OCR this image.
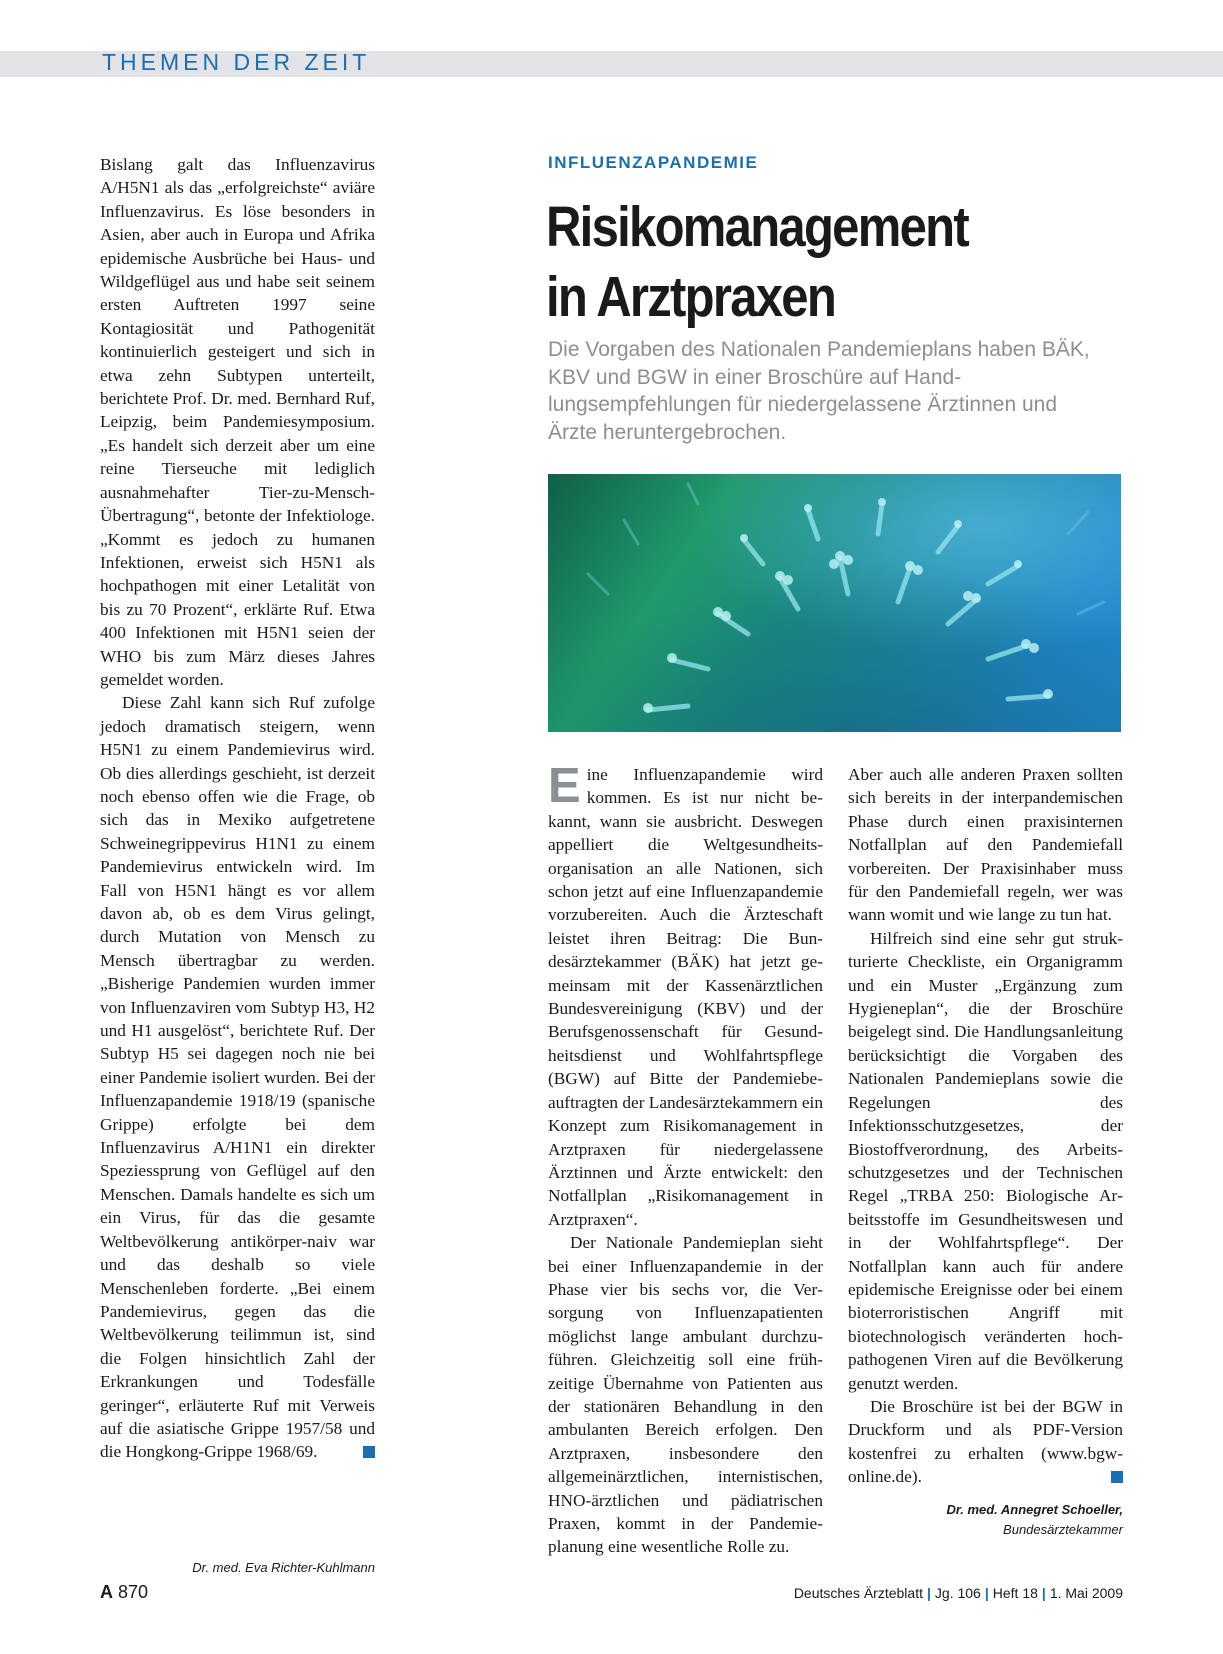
THEMEN DER ZEIT

Bislang galt das Influenzavirus A/H5N1 als das „erfolgreichste“ aviäre Influenzavirus. Es löse besonders in Asien, aber auch in Europa und Afrika epidemische Ausbrüche bei Haus- und Wildgeflügel aus und habe seit seinem ersten Auftreten 1997 seine Kontagiosität und Pathogenität kontinuierlich gesteigert und sich in etwa zehn Subtypen unterteilt, berichtete Prof. Dr. med. Bernhard Ruf, Leipzig, beim Pandemiesymposium. „Es handelt sich derzeit aber um eine reine Tierseuche mit lediglich ausnahmehafter Tier-zu-Mensch-Übertragung“, betonte der Infektiologe. „Kommt es jedoch zu humanen Infektionen, erweist sich H5N1 als hochpathogen mit einer Letalität von bis zu 70 Prozent“, erklärte Ruf. Etwa 400 Infektionen mit H5N1 seien der WHO bis zum März dieses Jahres gemeldet worden.

Diese Zahl kann sich Ruf zufolge jedoch dramatisch steigern, wenn H5N1 zu einem Pandemievirus wird. Ob dies allerdings geschieht, ist derzeit noch ebenso offen wie die Frage, ob sich das in Mexiko aufgetretene Schweinegrippevirus H1N1 zu einem Pandemievirus entwickeln wird. Im Fall von H5N1 hängt es vor allem davon ab, ob es dem Virus gelingt, durch Mutation von Mensch zu Mensch übertragbar zu werden. „Bisherige Pandemien wurden immer von Influenzaviren vom Subtyp H3, H2 und H1 ausgelöst“, berichtete Ruf. Der Subtyp H5 sei dagegen noch nie bei einer Pandemie isoliert wurden. Bei der Influenzapandemie 1918/19 (spanische Grippe) erfolgte bei dem Influenzavirus A/H1N1 ein direkter Speziessprung von Geflügel auf den Menschen. Damals handelte es sich um ein Virus, für das die gesamte Weltbevölkerung antikörper-naiv war und das deshalb so viele Menschenleben forderte. „Bei einem Pandemievirus, gegen das die Weltbevölkerung teilimmun ist, sind die Folgen hinsichtlich Zahl der Erkrankungen und Todesfälle geringer“, erläuterte Ruf mit Verweis auf die asiatische Grippe 1957/58 und die Hongkong-Grippe 1968/69.

Dr. med. Eva Richter-Kuhlmann
INFLUENZAPANDEMIE
Risikomanagement
in Arztpraxen
Die Vorgaben des Nationalen Pandemieplans haben BÄK, KBV und BGW in einer Broschüre auf Handlungsempfehlungen für niedergelassene Ärztinnen und Ärzte heruntergebrochen.

Eine Influenzapandemie wird kommen. Es ist nur nicht bekannt, wann sie ausbricht. Deswegen appelliert die Weltgesundheitsorganisation an alle Nationen, sich schon jetzt auf eine Influenzapandemie vorzubereiten. Auch die Ärzteschaft leistet ihren Beitrag: Die Bundesärztekammer (BÄK) hat jetzt gemeinsam mit der Kassenärztlichen Bundesvereinigung (KBV) und der Berufsgenossenschaft für Gesundheitsdienst und Wohlfahrtspflege (BGW) auf Bitte der Pandemiebeauftragten der Landesärztekammern ein Konzept zum Risikomanagement in Arztpraxen für niedergelassene Ärztinnen und Ärzte entwickelt: den Notfallplan „Risikomanagement in Arztpraxen“.

Der Nationale Pandemieplan sieht bei einer Influenzapandemie in der Phase vier bis sechs vor, die Versorgung von Influenzapatienten möglichst lange ambulant durchzuführen. Gleichzeitig soll eine frühzeitige Übernahme von Patienten aus der stationären Behandlung in den ambulanten Bereich erfolgen. Den Arztpraxen, insbesondere den allgemeinärztlichen, internistischen, HNO-ärztlichen und pädiatrischen Praxen, kommt in der Pandemieplanung eine wesentliche Rolle zu.

Aber auch alle anderen Praxen sollten sich bereits in der interpandemischen Phase durch einen praxisinternen Notfallplan auf den Pandemiefall vorbereiten. Der Praxisinhaber muss für den Pandemiefall regeln, wer was wann womit und wie lange zu tun hat.

Hilfreich sind eine sehr gut strukturierte Checkliste, ein Organigramm und ein Muster „Ergänzung zum Hygieneplan“, die der Broschüre beigelegt sind. Die Handlungsanleitung berücksichtigt die Vorgaben des Nationalen Pandemieplans sowie die Regelungen des Infektionsschutzgesetzes, der Biostoffverordnung, des Arbeitsschutzgesetzes und der Technischen Regel „TRBA 250: Biologische Arbeitsstoffe im Gesundheitswesen und in der Wohlfahrtspflege“. Der Notfallplan kann auch für andere epidemische Ereignisse oder bei einem bioterroristischen Angriff mit biotechnologisch veränderten hochpathogenen Viren auf die Bevölkerung genutzt werden.

Die Broschüre ist bei der BGW in Druckform und als PDF-Version kostenfrei zu erhalten (www.bgw-online.de).

Dr. med. Annegret Schoeller,
Bundesärztekammer
A 870	Deutsches Ärzteblatt | Jg. 106 | Heft 18 | 1. Mai 2009
